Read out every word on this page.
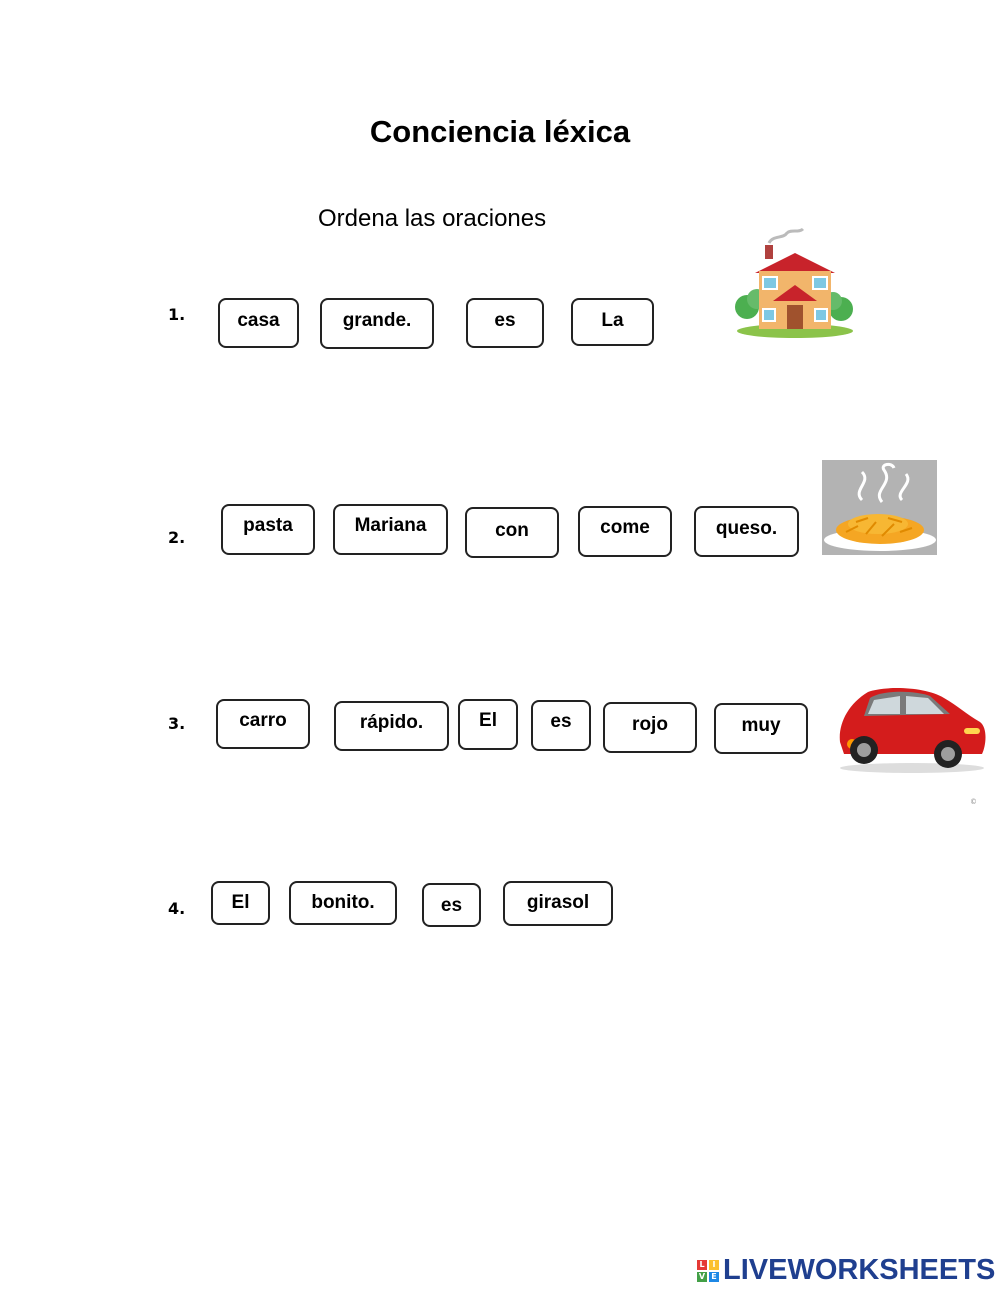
Conciencia léxica
Ordena las oraciones
1.	casa	grande.	es	La
2.
pasta	Mariana	con	come	queso.
3.	carro	rápido.	El	es	rojo	muy
©
4.	El	bonito.	es	girasol
L I
V E LIVEWORKSHEETS
